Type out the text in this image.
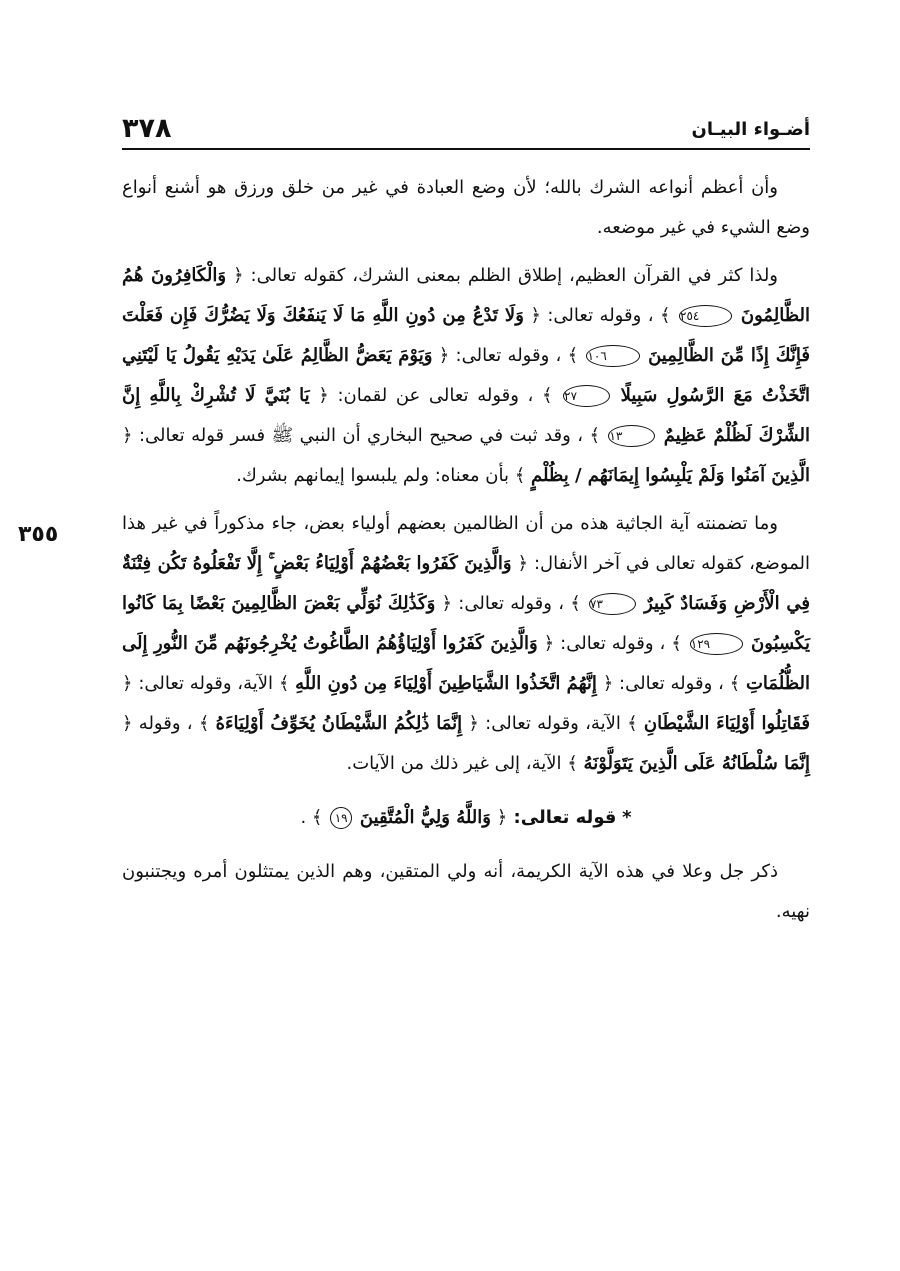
٣٧٨	أضـواء البيـان
٣٥٥

وأن أعظم أنواعه الشرك بالله؛ لأن وضع العبادة في غير من خلق ورزق هو أشنع أنواع وضع الشيء في غير موضعه.

ولذا كثر في القرآن العظيم، إطلاق الظلم بمعنى الشرك، كقوله تعالى: ﴿ وَالْكَافِرُونَ هُمُ الظَّالِمُونَ ٢٥٤ ﴾ ، وقوله تعالى: ﴿ وَلَا تَدْعُ مِن دُونِ اللَّهِ مَا لَا يَنفَعُكَ وَلَا يَضُرُّكَ فَإِن فَعَلْتَ فَإِنَّكَ إِذًا مِّنَ الظَّالِمِينَ ١٠٦ ﴾ ، وقوله تعالى: ﴿ وَيَوْمَ يَعَضُّ الظَّالِمُ عَلَىٰ يَدَيْهِ يَقُولُ يَا لَيْتَنِي اتَّخَذْتُ مَعَ الرَّسُولِ سَبِيلًا ٢٧ ﴾ ، وقوله تعالى عن لقمان: ﴿ يَا بُنَيَّ لَا تُشْرِكْ بِاللَّهِ إِنَّ الشِّرْكَ لَظُلْمٌ عَظِيمٌ ١٣ ﴾ ، وقد ثبت في صحيح البخاري أن النبي ﷺ فسر قوله تعالى: ﴿ الَّذِينَ آمَنُوا وَلَمْ يَلْبِسُوا إِيمَانَهُم / بِظُلْمٍ ﴾ بأن معناه: ولم يلبسوا إيمانهم بشرك.

وما تضمنته آية الجاثية هذه من أن الظالمين بعضهم أولياء بعض، جاء مذكوراً في غير هذا الموضع، كقوله تعالى في آخر الأنفال: ﴿ وَالَّذِينَ كَفَرُوا بَعْضُهُمْ أَوْلِيَاءُ بَعْضٍ ۚ إِلَّا تَفْعَلُوهُ تَكُن فِتْنَةٌ فِي الْأَرْضِ وَفَسَادٌ كَبِيرٌ ٧٣ ﴾ ، وقوله تعالى: ﴿ وَكَذَٰلِكَ نُوَلِّي بَعْضَ الظَّالِمِينَ بَعْضًا بِمَا كَانُوا يَكْسِبُونَ ١٢٩ ﴾ ، وقوله تعالى: ﴿ وَالَّذِينَ كَفَرُوا أَوْلِيَاؤُهُمُ الطَّاغُوتُ يُخْرِجُونَهُم مِّنَ النُّورِ إِلَى الظُّلُمَاتِ ﴾ ، وقوله تعالى: ﴿ إِنَّهُمُ اتَّخَذُوا الشَّيَاطِينَ أَوْلِيَاءَ مِن دُونِ اللَّهِ ﴾ الآية، وقوله تعالى: ﴿ فَقَاتِلُوا أَوْلِيَاءَ الشَّيْطَانِ ﴾ الآية، وقوله تعالى: ﴿ إِنَّمَا ذَٰلِكُمُ الشَّيْطَانُ يُخَوِّفُ أَوْلِيَاءَهُ ﴾ ، وقوله ﴿ إِنَّمَا سُلْطَانُهُ عَلَى الَّذِينَ يَتَوَلَّوْنَهُ ﴾ الآية، إلى غير ذلك من الآيات.

* قوله تعالى: ﴿ وَاللَّهُ وَلِيُّ الْمُتَّقِينَ ١٩ ﴾ .

ذكر جل وعلا في هذه الآية الكريمة، أنه ولي المتقين، وهم الذين يمتثلون أمره ويجتنبون نهيه.
